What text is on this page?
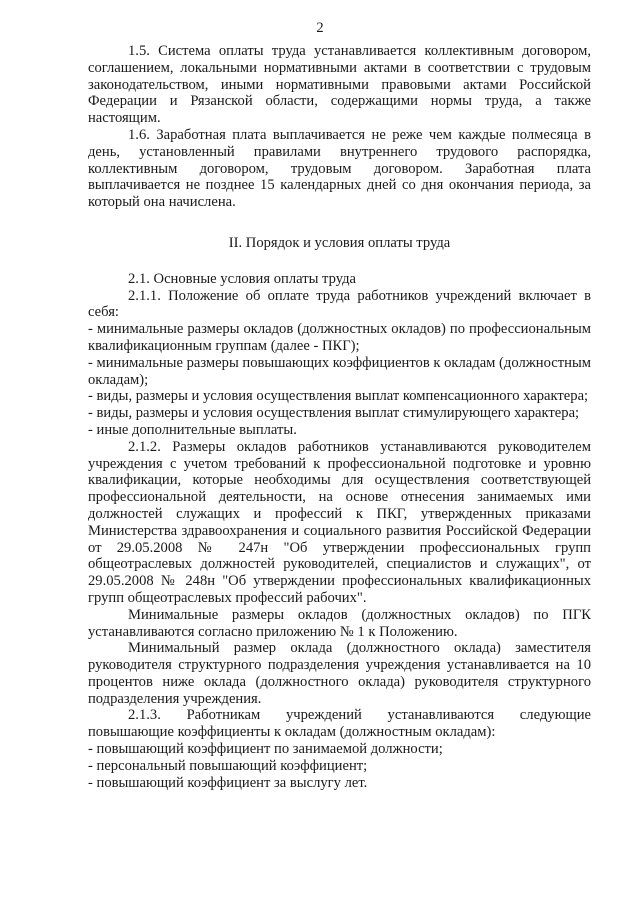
2

1.5. Система оплаты труда устанавливается коллективным договором, соглашением, локальными нормативными актами в соответствии с трудовым законодательством, иными нормативными правовыми актами Российской Федерации и Рязанской области, содержащими нормы труда, а также настоящим.

1.6. Заработная плата выплачивается не реже чем каждые полмесяца в день, установленный правилами внутреннего трудового распорядка, коллективным договором, трудовым договором. Заработная плата выплачивается не позднее 15 календарных дней со дня окончания периода, за который она начислена.

II. Порядок и условия оплаты труда

2.1. Основные условия оплаты труда

2.1.1. Положение об оплате труда работников учреждений включает в себя:

- минимальные размеры окладов (должностных окладов) по профессиональным квалификационным группам (далее - ПКГ);

- минимальные размеры повышающих коэффициентов к окладам (должностным окладам);

- виды, размеры и условия осуществления выплат компенсационного характера;

- виды, размеры и условия осуществления выплат стимулирующего характера;

- иные дополнительные выплаты.

2.1.2. Размеры окладов работников устанавливаются руководителем учреждения с учетом требований к профессиональной подготовке и уровню квалификации, которые необходимы для осуществления соответствующей профессиональной деятельности, на основе отнесения занимаемых ими должностей служащих и профессий к ПКГ, утвержденных приказами Министерства здравоохранения и социального развития Российской Федерации от 29.05.2008 № 247н "Об утверждении профессиональных групп общеотраслевых должностей руководителей, специалистов и служащих", от 29.05.2008 № 248н "Об утверждении профессиональных квалификационных групп общеотраслевых профессий рабочих".

Минимальные размеры окладов (должностных окладов) по ПГК устанавливаются согласно приложению № 1 к Положению.

Минимальный размер оклада (должностного оклада) заместителя руководителя структурного подразделения учреждения устанавливается на 10 процентов ниже оклада (должностного оклада) руководителя структурного подразделения учреждения.

2.1.3. Работникам учреждений устанавливаются следующие повышающие коэффициенты к окладам (должностным окладам):

- повышающий коэффициент по занимаемой должности;

- персональный повышающий коэффициент;

- повышающий коэффициент за выслугу лет.
